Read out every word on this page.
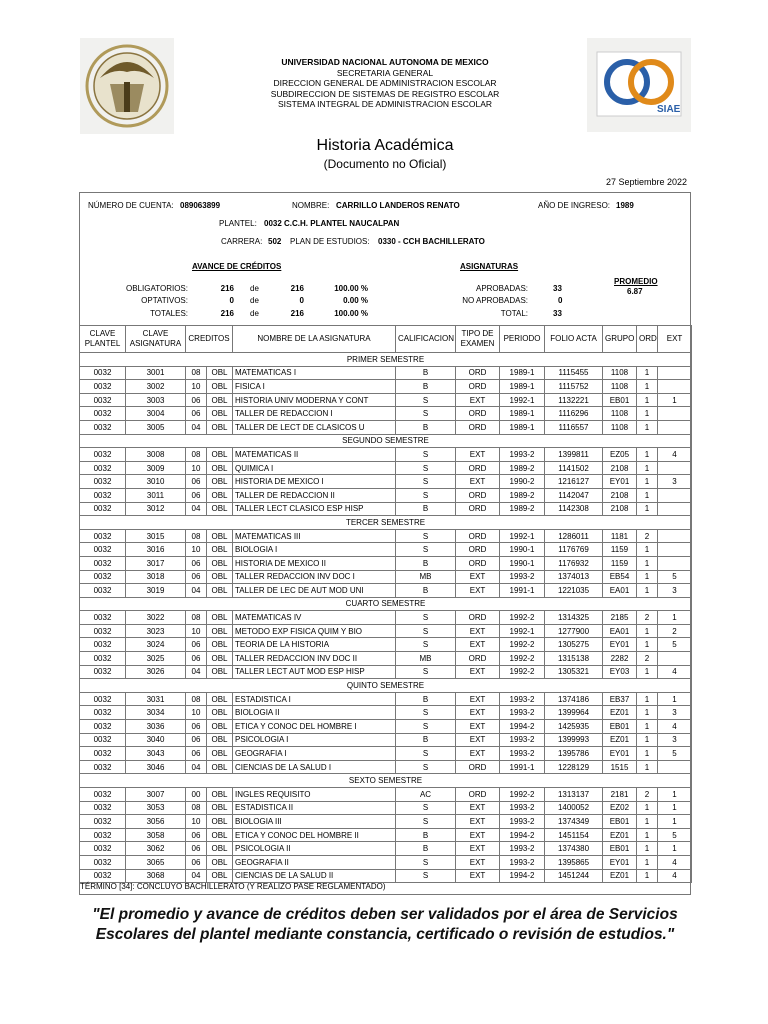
SIAE
UNIVERSIDAD NACIONAL AUTONOMA DE MEXICO
SECRETARIA GENERAL
DIRECCION GENERAL DE ADMINISTRACION ESCOLAR
SUBDIRECCION DE SISTEMAS DE REGISTRO ESCOLAR
SISTEMA INTEGRAL DE ADMINISTRACION ESCOLAR
Historia Académica
(Documento no Oficial)
27 Septiembre 2022
NÚMERO DE CUENTA: 089063899	NOMBRE: CARRILLO LANDEROS RENATO	AÑO DE INGRESO: 1989
PLANTEL: 0032 C.C.H. PLANTEL NAUCALPAN
CARRERA: 502 PLAN DE ESTUDIOS: 0330 - CCH BACHILLERATO
AVANCE DE CRÉDITOS
OBLIGATORIOS:	216 de	216	100.00 %
OPTATIVOS:	0 de	0	0.00 %
TOTALES:	216 de	216	100.00 %
ASIGNATURAS
APROBADAS:	33
NO APROBADAS:	0
TOTAL:	33
PROMEDIO
6.87
CLAVE PLANTEL	CLAVE ASIGNATURA	CREDITOS		NOMBRE DE LA ASIGNATURA	CALIFICACION	TIPO DE EXAMEN	PERIODO	FOLIO ACTA	GRUPO	ORD	EXT
PRIMER SEMESTRE											
0032	3001	08	OBL	MATEMATICAS I	B	ORD	1989-1	1115455	1108	1	
0032	3002	10	OBL	FISICA I	B	ORD	1989-1	1115752	1108	1	
0032	3003	06	OBL	HISTORIA UNIV MODERNA Y CONT	S	EXT	1992-1	1132221	EB01	1	1
0032	3004	06	OBL	TALLER DE REDACCION I	S	ORD	1989-1	1116296	1108	1	
0032	3005	04	OBL	TALLER DE LECT DE CLASICOS U	B	ORD	1989-1	1116557	1108	1	
SEGUNDO SEMESTRE											
0032	3008	08	OBL	MATEMATICAS II	S	EXT	1993-2	1399811	EZ05	1	4
0032	3009	10	OBL	QUIMICA I	S	ORD	1989-2	1141502	2108	1	
0032	3010	06	OBL	HISTORIA DE MEXICO I	S	EXT	1990-2	1216127	EY01	1	3
0032	3011	06	OBL	TALLER DE REDACCION II	S	ORD	1989-2	1142047	2108	1	
0032	3012	04	OBL	TALLER LECT CLASICO ESP HISP	B	ORD	1989-2	1142308	2108	1	
TERCER SEMESTRE											
0032	3015	08	OBL	MATEMATICAS III	S	ORD	1992-1	1286011	1181	2	
0032	3016	10	OBL	BIOLOGIA I	S	ORD	1990-1	1176769	1159	1	
0032	3017	06	OBL	HISTORIA DE MEXICO II	B	ORD	1990-1	1176932	1159	1	
0032	3018	06	OBL	TALLER REDACCION INV DOC I	MB	EXT	1993-2	1374013	EB54	1	5
0032	3019	04	OBL	TALLER DE LEC DE AUT MOD UNI	B	EXT	1991-1	1221035	EA01	1	3
CUARTO SEMESTRE											
0032	3022	08	OBL	MATEMATICAS IV	S	ORD	1992-2	1314325	2185	2	1
0032	3023	10	OBL	METODO EXP FISICA QUIM Y BIO	S	EXT	1992-1	1277900	EA01	1	2
0032	3024	06	OBL	TEORIA DE LA HISTORIA	S	EXT	1992-2	1305275	EY01	1	5
0032	3025	06	OBL	TALLER REDACCION INV DOC II	MB	ORD	1992-2	1315138	2282	2	
0032	3026	04	OBL	TALLER LECT AUT MOD ESP HISP	S	EXT	1992-2	1305321	EY03	1	4
QUINTO SEMESTRE											
0032	3031	08	OBL	ESTADISTICA I	B	EXT	1993-2	1374186	EB37	1	1
0032	3034	10	OBL	BIOLOGIA II	S	EXT	1993-2	1399964	EZ01	1	3
0032	3036	06	OBL	ETICA Y CONOC DEL HOMBRE I	S	EXT	1994-2	1425935	EB01	1	4
0032	3040	06	OBL	PSICOLOGIA I	B	EXT	1993-2	1399993	EZ01	1	3
0032	3043	06	OBL	GEOGRAFIA I	S	EXT	1993-2	1395786	EY01	1	5
0032	3046	04	OBL	CIENCIAS DE LA SALUD I	S	ORD	1991-1	1228129	1515	1	
SEXTO SEMESTRE											
0032	3007	00	OBL	INGLES REQUISITO	AC	ORD	1992-2	1313137	2181	2	1
0032	3053	08	OBL	ESTADISTICA II	S	EXT	1993-2	1400052	EZ02	1	1
0032	3056	10	OBL	BIOLOGIA III	S	EXT	1993-2	1374349	EB01	1	1
0032	3058	06	OBL	ETICA Y CONOC DEL HOMBRE II	B	EXT	1994-2	1451154	EZ01	1	5
0032	3062	06	OBL	PSICOLOGIA II	B	EXT	1993-2	1374380	EB01	1	1
0032	3065	06	OBL	GEOGRAFIA II	S	EXT	1993-2	1395865	EY01	1	4
0032	3068	04	OBL	CIENCIAS DE LA SALUD II	S	EXT	1994-2	1451244	EZ01	1	4
TÉRMINO [34]: CONCLUYO BACHILLERATO (Y REALIZO PASE REGLAMENTADO)
"El promedio y avance de créditos deben ser validados por el área de Servicios Escolares del plantel mediante constancia, certificado o revisión de estudios."
